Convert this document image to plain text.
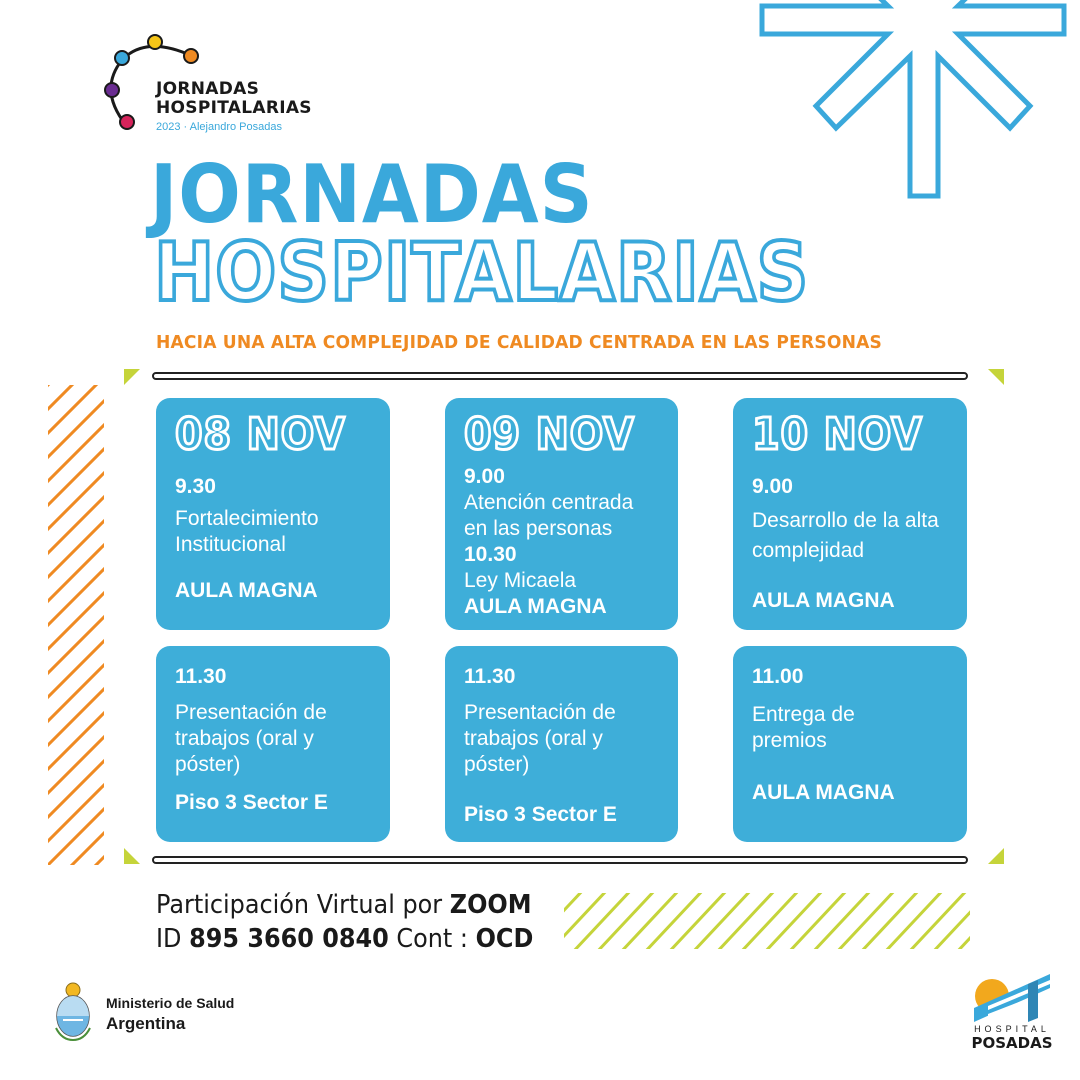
JORNADAS
HOSPITALARIAS
2023 · Alejandro Posadas
JORNADAS
HOSPITALARIAS
HACIA UNA ALTA COMPLEJIDAD DE CALIDAD CENTRADA EN LAS PERSONAS
08 NOV
9.30
Fortalecimiento Institucional
AULA MAGNA
09 NOV
9.00
Atención centrada en las personas
10.30
Ley Micaela
AULA MAGNA
10 NOV
9.00
Desarrollo de la alta complejidad
AULA MAGNA
11.30
Presentación de trabajos (oral y póster)
Piso 3 Sector E
11.30
Presentación de trabajos (oral y póster)
Piso 3 Sector E
11.00
Entrega de premios
AULA MAGNA
Participación Virtual por ZOOM
ID 895 3660 0840 Cont : OCD
Ministerio de Salud
Argentina	HOSPITAL
POSADAS
